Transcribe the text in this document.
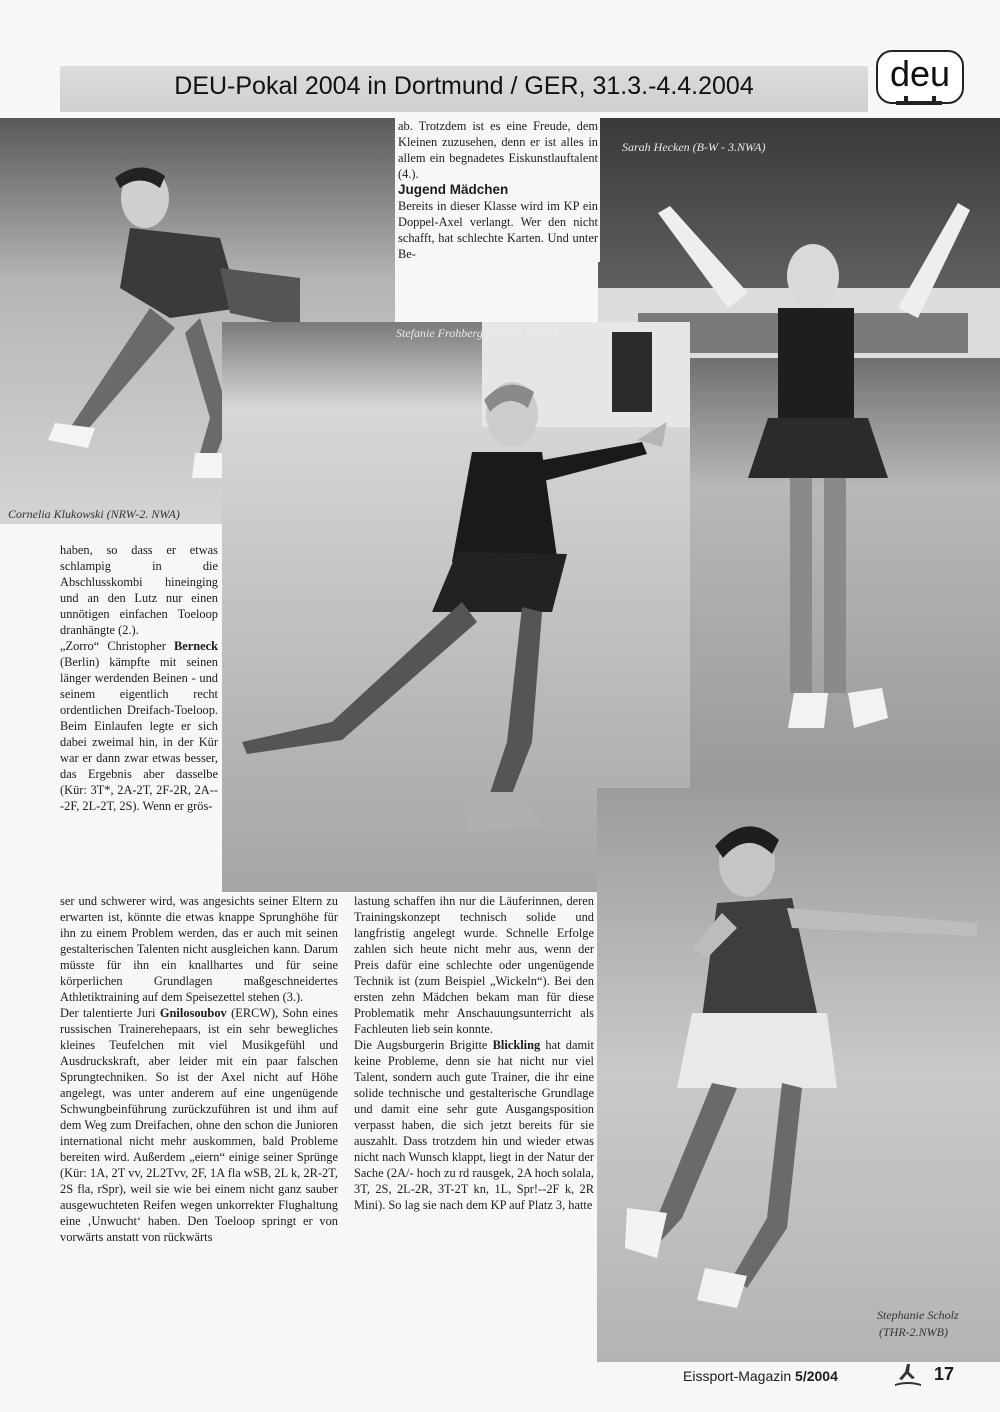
DEU-Pokal 2004 in Dortmund / GER, 31.3.-4.4.2004	deu
Sarah Hecken (B-W - 3.NWA)
Cornelia Klukowski (NRW-2. NWA)
Stefanie Frohberg (BER-4. NWA)
Stephanie Scholz
(THR-2.NWB)

ab. Trotzdem ist es eine Freude, dem Kleinen zuzusehen, denn er ist alles in allem ein begnadetes Eiskunstlauftalent (4.).

Jugend Mädchen

Bereits in dieser Klasse wird im KP ein Doppel-Axel verlangt. Wer den nicht schafft, hat schlechte Karten. Und unter Be-

haben, so dass er etwas schlampig in die Abschlusskombi hineinging und an den Lutz nur einen unnötigen einfachen Toeloop dranhängte (2.).

„Zorro“ Christopher Berneck (Berlin) kämpfte mit seinen länger werdenden Beinen - und seinem eigentlich recht ordentlichen Dreifach-Toeloop. Beim Einlaufen legte er sich dabei zweimal hin, in der Kür war er dann zwar etwas besser, das Ergebnis aber dasselbe (Kür: 3T*, 2A-2T, 2F-2R, 2A---2F, 2L-2T, 2S). Wenn er grös-

ser und schwerer wird, was angesichts seiner Eltern zu erwarten ist, könnte die etwas knappe Sprunghöhe für ihn zu einem Problem werden, das er auch mit seinen gestalterischen Talenten nicht ausgleichen kann. Darum müsste für ihn ein knallhartes und für seine körperlichen Grundlagen maßgeschneidertes Athletiktraining auf dem Speisezettel stehen (3.).

Der talentierte Juri Gnilosoubov (ERCW), Sohn eines russischen Trainerehepaars, ist ein sehr bewegliches kleines Teufelchen mit viel Musikgefühl und Ausdruckskraft, aber leider mit ein paar falschen Sprungtechniken. So ist der Axel nicht auf Höhe angelegt, was unter anderem auf eine ungenügende Schwungbeinführung zurückzuführen ist und ihm auf dem Weg zum Dreifachen, ohne den schon die Junioren international nicht mehr auskommen, bald Probleme bereiten wird. Außerdem „eiern“ einige seiner Sprünge (Kür: 1A, 2T vv, 2L2Tvv, 2F, 1A fla wSB, 2L k, 2R-2T, 2S fla, rSpr), weil sie wie bei einem nicht ganz sauber ausgewuchteten Reifen wegen unkorrekter Flughaltung eine ‚Unwucht‘ haben. Den Toeloop springt er von vorwärts anstatt von rückwärts

lastung schaffen ihn nur die Läuferinnen, deren Trainingskonzept technisch solide und langfristig angelegt wurde. Schnelle Erfolge zahlen sich heute nicht mehr aus, wenn der Preis dafür eine schlechte oder ungenügende Technik ist (zum Beispiel „Wickeln“). Bei den ersten zehn Mädchen bekam man für diese Problematik mehr Anschauungsunterricht als Fachleuten lieb sein konnte.

Die Augsburgerin Brigitte Blickling hat damit keine Probleme, denn sie hat nicht nur viel Talent, sondern auch gute Trainer, die ihr eine solide technische und gestalterische Grundlage und damit eine sehr gute Ausgangsposition verpasst haben, die sich jetzt bereits für sie auszahlt. Dass trotzdem hin und wieder etwas nicht nach Wunsch klappt, liegt in der Natur der Sache (2A/- hoch zu rd rausgek, 2A hoch solala, 3T, 2S, 2L-2R, 3T-2T kn, 1L, Spr!--2F k, 2R Mini). So lag sie nach dem KP auf Platz 3, hatte

Eissport-Magazin 5/2004	17
